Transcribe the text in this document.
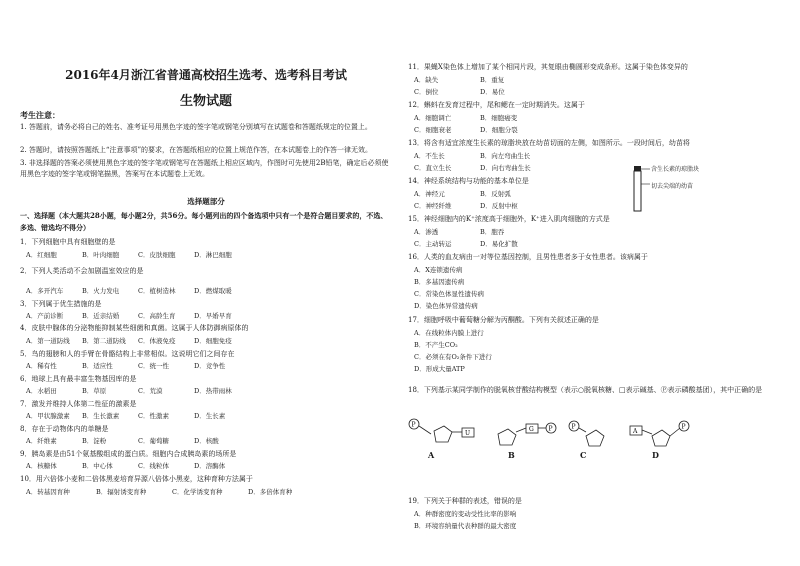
2016年4月浙江省普通高校招生选考、选考科目考试
生物试题
考生注意：
1. 答题前，请务必将自己的姓名、准考证号用黑色字迹的签字笔或钢笔分别填写在试题卷和答题纸规定的位置上。
2. 答题时，请按照答题纸上“注意事项”的要求，在答题纸相应的位置上规范作答，在本试题卷上的作答一律无效。
3. 非选择题的答案必须使用黑色字迹的签字笔或钢笔写在答题纸上相应区域内，作图时可先使用2B铅笔，确定后必须使用黑色字迹的签字笔或钢笔描黑，答案写在本试题卷上无效。
选择题部分
一、选择题（本大题共28小题，每小题2分，共56分。每小题列出的四个备选项中只有一个是符合题目要求的，不选、多选、错选均不得分）
1．下列细胞中具有细胞壁的是
A．红细胞	B．叶肉细胞	C．皮肤细胞	D．淋巴细胞
2．下列人类活动不会加剧温室效应的是
A．多开汽车	B．火力发电	C．植树造林	D．燃煤取暖
3．下列属于优生措施的是
A．产前诊断	B．近亲结婚	C．高龄生育	D．早婚早育
4．皮肤中腺体的分泌物能抑制某些细菌和真菌。这属于人体防御病原体的
A．第一道防线 B．第二道防线 C．体液免疫	D．细胞免疫
5．鸟的翅膀和人的手臂在骨骼结构上非常相似。这说明它们之间存在
A．稀有性	B．适应性	C．统一性	D．竞争性
6．地球上具有最丰富生物基因库的是
A．水稻田	B．草原	C．荒漠	D．热带雨林
7．激发并维持人体第二性征的激素是
A．甲状腺激素 B．生长激素	C．性激素	D．生长素
8．存在于动物体内的单糖是
A．纤维素	B．淀粉	C．葡萄糖	D．核酸
9．胰岛素是由51个氨基酸组成的蛋白质。细胞内合成胰岛素的场所是
A．核糖体	B．中心体	C．线粒体	D．溶酶体
10．用六倍体小麦和二倍体黑麦培育异源八倍体小黑麦，这种育种方法属于
A．转基因育种	B．辐射诱变育种	C．化学诱变育种	D．多倍体育种
11．果蝇X染色体上增加了某个相同片段，其复眼由椭圆形变成条形。这属于染色体变异的
A．缺失	B．重复
C．倒位	D．易位
12．蝌蚪在发育过程中，尾和鳃在一定时期消失。这属于
A．细胞调亡	B．细胞癌变
C．细胞衰老	D．细胞分裂
13．将含有适宜浓度生长素的琼脂块放在幼苗切面的左侧，如图所示。一段时间后，幼苗将
A．不生长	B．向左弯曲生长
C．直立生长	D．向右弯曲生长
14．神经系统结构与功能的基本单位是
A．神经元	B．反射弧
C．神经纤维	D．反射中枢
15．神经细胞内的K⁺浓度高于细胞外，K⁺进入肌肉细胞的方式是
A．渗透	B．胞吞
C．主动转运	D．易化扩散
16．人类的血友病由一对等位基因控制，且男性患者多于女性患者。该病属于
A．X连锁遗传病
B．多基因遗传病
C．常染色体显性遗传病
D．染色体异常遗传病
17．细胞呼吸中葡萄糖分解为丙酮酸。下列有关叙述正确的是
A．在线粒体内膜上进行
B．不产生CO₂
C．必须在有O₂条件下进行
D．形成大量ATP
18．下列基示某同学制作的脱氧核苷酸结构模型（表示○脱氧核糖、□表示碱基、Ⓟ表示磷酸基团），其中正确的是
19．下列关于种群的表述，错误的是
A．种群密度的变动受性比率的影响
B．环境容纳量代表种群的最大密度
含生长素的琼脂块
切去尖端的幼苗
P
U
G P	P
A
P
A	B	C	D
